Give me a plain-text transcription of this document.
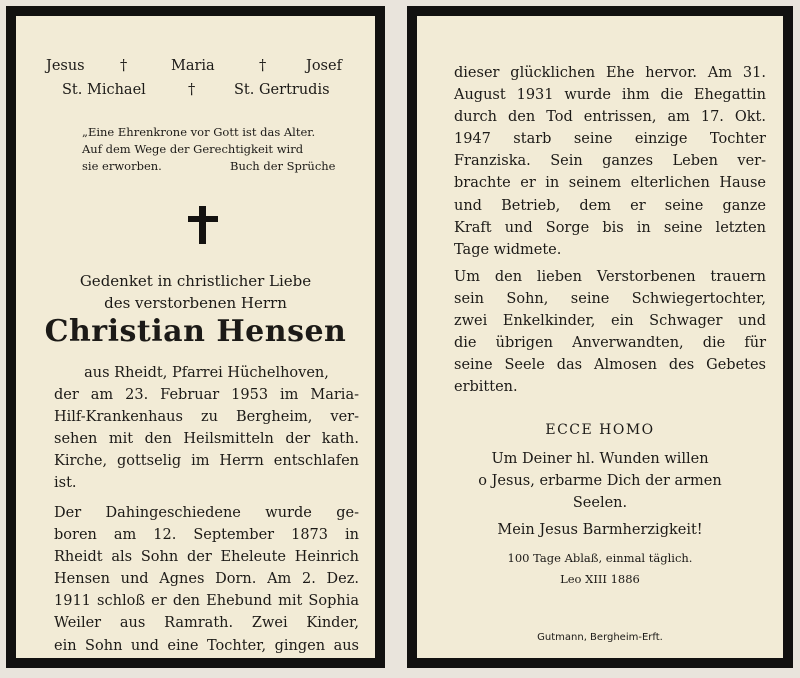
Jesus †	Maria	†	Josef
St. Michael	†	St. Gertrudis
„Eine Ehrenkrone vor Gott ist das Alter.
Auf dem Wege der Gerechtigkeit wird
sie erworben.	Buch der Sprüche
Gedenket in christlicher Liebe
des verstorbenen Herrn
Christian Hensen
aus Rheidt, Pfarrei Hüchelhoven,
der am 23. Februar 1953 im Maria-
Hilf-Krankenhaus zu Bergheim, ver-
sehen mit den Heilsmitteln der kath.
Kirche, gottselig im Herrn entschlafen
ist.
Der Dahingeschiedene wurde ge-
boren am 12. September 1873 in
Rheidt als Sohn der Eheleute Heinrich
Hensen und Agnes Dorn. Am 2. Dez.
1911 schloß er den Ehebund mit Sophia
Weiler aus Ramrath. Zwei Kinder,
ein Sohn und eine Tochter, gingen aus
dieser glücklichen Ehe hervor. Am 31.
August 1931 wurde ihm die Ehegattin
durch den Tod entrissen, am 17. Okt.
1947 starb seine einzige Tochter
Franziska. Sein ganzes Leben ver-
brachte er in seinem elterlichen Hause
und Betrieb, dem er seine ganze
Kraft und Sorge bis in seine letzten
Tage widmete.
Um den lieben Verstorbenen trauern
sein Sohn, seine Schwiegertochter,
zwei Enkelkinder, ein Schwager und
die übrigen Anverwandten, die für
seine Seele das Almosen des Gebetes
erbitten.
ECCE HOMO
Um Deiner hl. Wunden willen
o Jesus, erbarme Dich der armen
Seelen.
Mein Jesus Barmherzigkeit!
100 Tage Ablaß, einmal täglich.
Leo XIII 1886
Gutmann, Bergheim-Erft.
